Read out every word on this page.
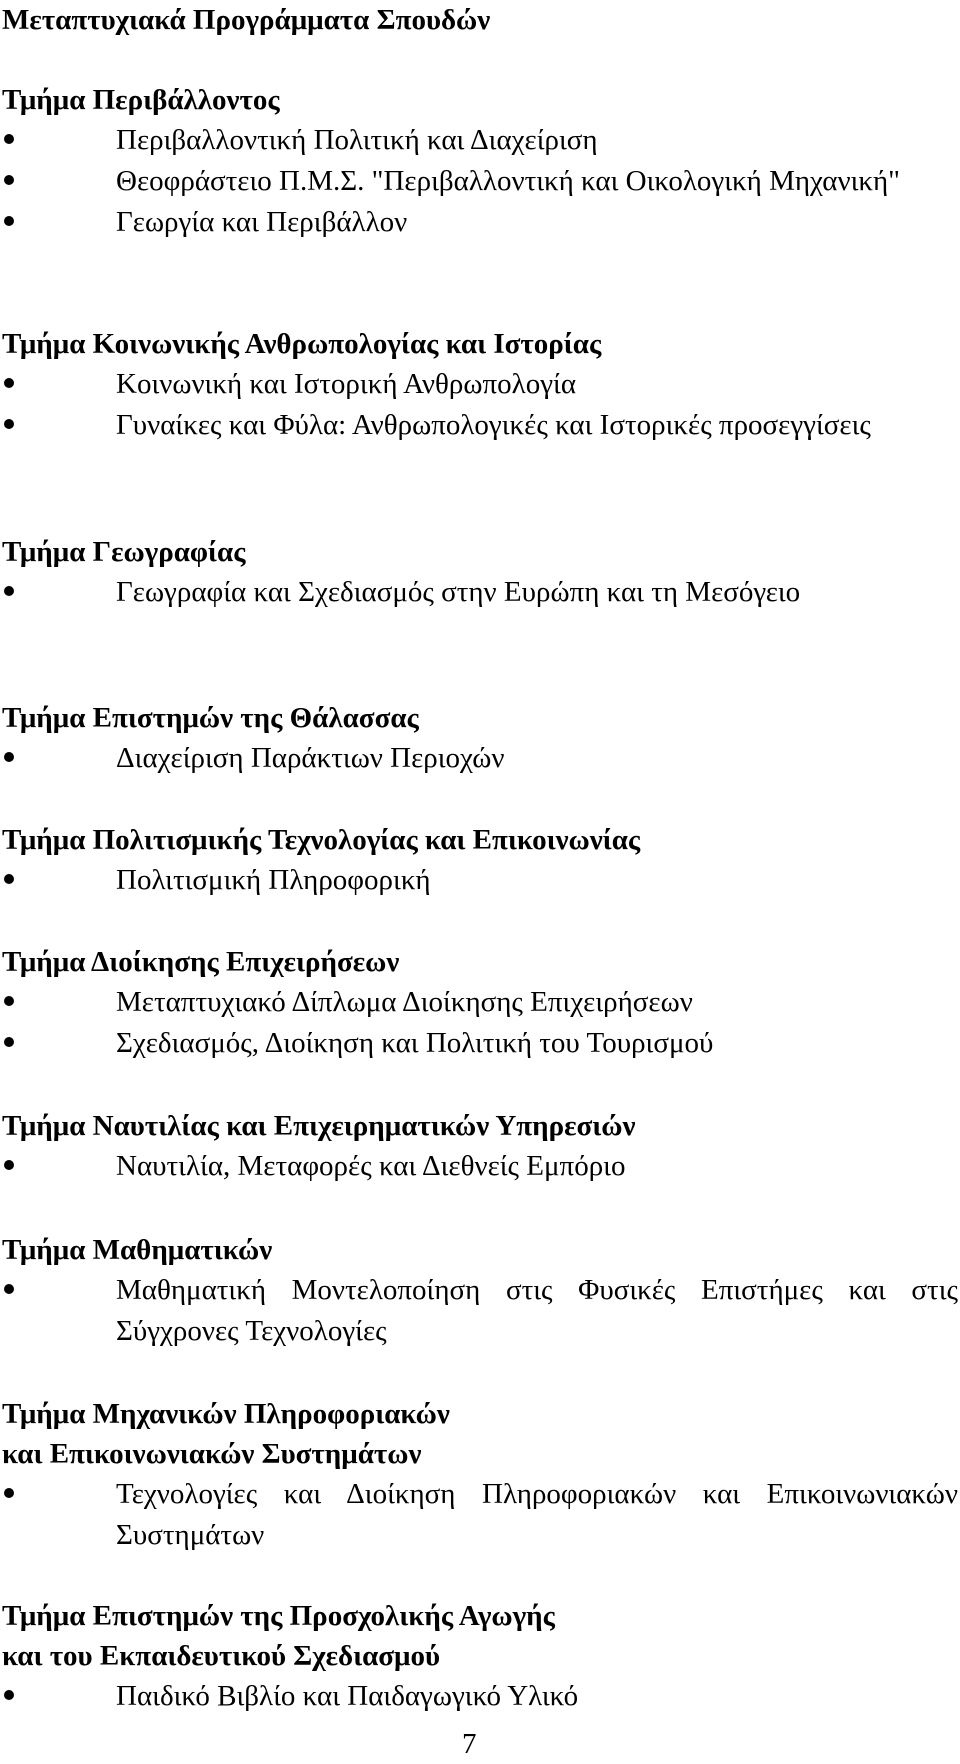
Μεταπτυχιακά Προγράμματα Σπουδών
Τμήμα Περιβάλλοντος
Περιβαλλοντική Πολιτική και Διαχείριση
Θεοφράστειο Π.Μ.Σ. "Περιβαλλοντική και Οικολογική Μηχανική"
Γεωργία και Περιβάλλον
Τμήμα Κοινωνικής Ανθρωπολογίας και Ιστορίας
Κοινωνική και Ιστορική Ανθρωπολογία
Γυναίκες και Φύλα: Ανθρωπολογικές και Ιστορικές προσεγγίσεις
Τμήμα Γεωγραφίας
Γεωγραφία και Σχεδιασμός στην Ευρώπη και τη Μεσόγειο
Τμήμα Επιστημών της Θάλασσας
Διαχείριση Παράκτιων Περιοχών
Τμήμα Πολιτισμικής Τεχνολογίας και Επικοινωνίας
Πολιτισμική Πληροφορική
Τμήμα Διοίκησης Επιχειρήσεων
Μεταπτυχιακό Δίπλωμα Διοίκησης Επιχειρήσεων
Σχεδιασμός, Διοίκηση και Πολιτική του Τουρισμού
Τμήμα Ναυτιλίας και Επιχειρηματικών Υπηρεσιών
Ναυτιλία, Μεταφορές και Διεθνείς Εμπόριο
Τμήμα Μαθηματικών
Μαθηματική Μοντελοποίηση στις Φυσικές Επιστήμες και στις Σύγχρονες Τεχνολογίες
Τμήμα Μηχανικών Πληροφοριακών
και Επικοινωνιακών Συστημάτων
Τεχνολογίες και Διοίκηση Πληροφοριακών και Επικοινωνιακών Συστημάτων
Τμήμα Επιστημών της Προσχολικής Αγωγής
και του Εκπαιδευτικού Σχεδιασμού
Παιδικό Βιβλίο και Παιδαγωγικό Υλικό
7
